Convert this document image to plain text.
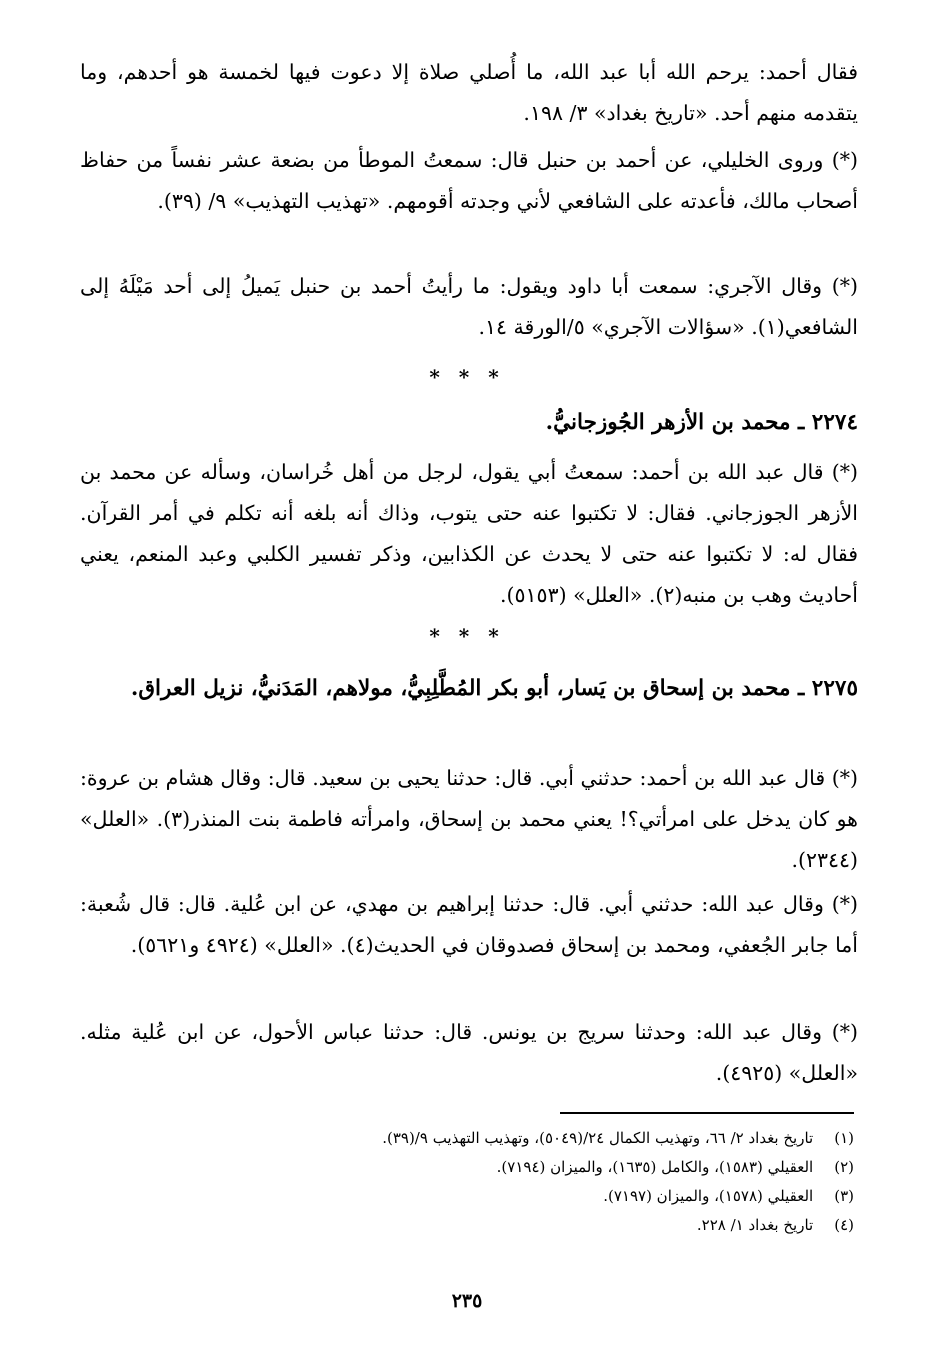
فقال أحمد: يرحم الله أبا عبد الله، ما أُصلي صلاة إلا دعوت فيها لخمسة هو أحدهم، وما يتقدمه منهم أحد. «تاريخ بغداد» ٣/ ١٩٨.

(*) وروى الخليلي، عن أحمد بن حنبل قال: سمعتُ الموطأ من بضعة عشر نفساً من حفاظ أصحاب مالك، فأعدته على الشافعي لأني وجدته أقومهم. «تهذيب التهذيب» ٩/ (٣٩).

(*) وقال الآجري: سمعت أبا داود ويقول: ما رأيتُ أحمد بن حنبل يَميلُ إلى أحد مَيْلَهُ إلى الشافعي(١). «سؤالات الآجري» ٥/الورقة ١٤.

* * *
٢٢٧٤ ـ محمد بن الأزهر الجُوزجانيُّ.

(*) قال عبد الله بن أحمد: سمعتُ أبي يقول، لرجل من أهل خُراسان، وسأله عن محمد بن الأزهر الجوزجاني. فقال: لا تكتبوا عنه حتى يتوب، وذاك أنه بلغه أنه تكلم في أمر القرآن. فقال له: لا تكتبوا عنه حتى لا يحدث عن الكذابين، وذكر تفسير الكلبي وعبد المنعم، يعني أحاديث وهب بن منبه(٢). «العلل» (٥١٥٣).

* * *
٢٢٧٥ ـ محمد بن إسحاق بن يَسار، أبو بكر المُطَّلِبِيُّ، مولاهم، المَدَنيُّ، نزيل العراق.

(*) قال عبد الله بن أحمد: حدثني أبي. قال: حدثنا يحيى بن سعيد. قال: وقال هشام بن عروة: هو كان يدخل على امرأتي؟! يعني محمد بن إسحاق، وامرأته فاطمة بنت المنذر(٣). «العلل» (٢٣٤٤).

(*) وقال عبد الله: حدثني أبي. قال: حدثنا إبراهيم بن مهدي، عن ابن عُلية. قال: قال شُعبة: أما جابر الجُعفي، ومحمد بن إسحاق فصدوقان في الحديث(٤). «العلل» (٤٩٢٤ و٥٦٢١).

(*) وقال عبد الله: وحدثنا سريج بن يونس. قال: حدثنا عباس الأحول، عن ابن عُلية مثله. «العلل» (٤٩٢٥).

(١) تاريخ بغداد ٢/ ٦٦، وتهذيب الكمال ٢٤/(٥٠٤٩)، وتهذيب التهذيب ٩/(٣٩).

(٢) العقيلي (١٥٨٣)، والكامل (١٦٣٥)، والميزان (٧١٩٤).

(٣) العقيلي (١٥٧٨)، والميزان (٧١٩٧).

(٤) تاريخ بغداد ١/ ٢٢٨.

٢٣٥
